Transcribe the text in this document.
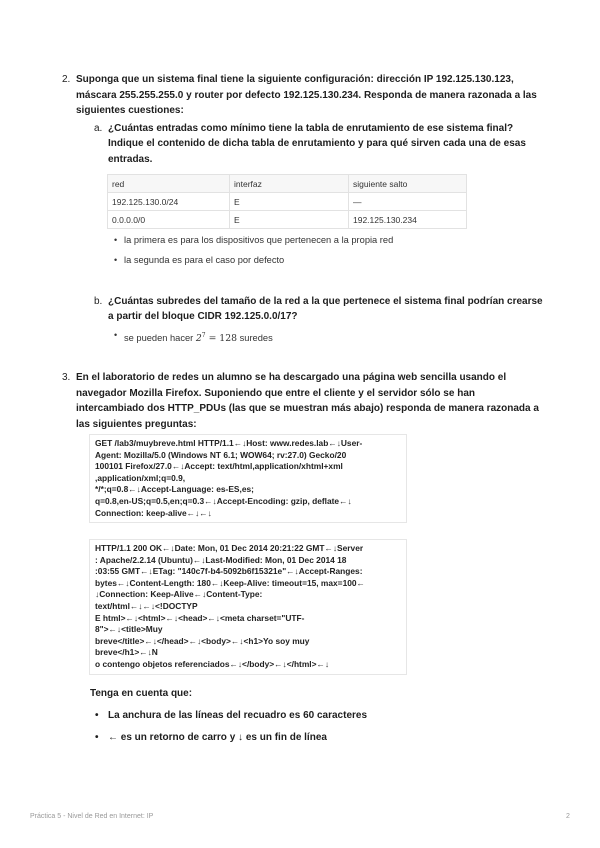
2. Suponga que un sistema final tiene la siguiente configuración: dirección IP 192.125.130.123, máscara 255.255.255.0 y router por defecto 192.125.130.234. Responda de manera razonada a las siguientes cuestiones:
a. ¿Cuántas entradas como mínimo tiene la tabla de enrutamiento de ese sistema final? Indique el contenido de dicha tabla de enrutamiento y para qué sirven cada una de esas entradas.
red	interfaz	siguiente salto
192.125.130.0/24	E	—
0.0.0.0/0	E	192.125.130.234
• la primera es para los dispositivos que pertenecen a la propia red
• la segunda es para el caso por defecto
b. ¿Cuántas subredes del tamaño de la red a la que pertenece el sistema final podrían crearse a partir del bloque CIDR 192.125.0.0/17?
• se pueden hacer $2^7 = 128$ suredes
3. En el laboratorio de redes un alumno se ha descargado una página web sencilla usando el navegador Mozilla Firefox. Suponiendo que entre el cliente y el servidor sólo se han intercambiado dos HTTP_PDUs (las que se muestran más abajo) responda de manera razonada a las siguientes preguntas:
GET /lab3/muybreve.html HTTP/1.1←↓Host: www.redes.lab←↓User-
Agent: Mozilla/5.0 (Windows NT 6.1; WOW64; rv:27.0) Gecko/20
100101 Firefox/27.0←↓Accept: text/html,application/xhtml+xml
,application/xml;q=0.9,
*/*;q=0.8←↓Accept-Language: es-ES,es;
q=0.8,en-US;q=0.5,en;q=0.3←↓Accept-Encoding: gzip, deflate←↓
Connection: keep-alive←↓←↓
HTTP/1.1 200 OK←↓Date: Mon, 01 Dec 2014 20:21:22 GMT←↓Server
: Apache/2.2.14 (Ubuntu)←↓Last-Modified: Mon, 01 Dec 2014 18
:03:55 GMT←↓ETag: "140c7f-b4-5092b6f15321e"←↓Accept-Ranges:
bytes←↓Content-Length: 180←↓Keep-Alive: timeout=15, max=100←
↓Connection: Keep-Alive←↓Content-Type:
text/html←↓←↓<!DOCTYP
E html>←↓<html>←↓<head>←↓<meta charset="UTF-
8">←↓<title>Muy
breve</title>←↓</head>←↓<body>←↓<h1>Yo soy muy
breve</h1>←↓N
o contengo objetos referenciados←↓</body>←↓</html>←↓
Tenga en cuenta que:
• La anchura de las líneas del recuadro es 60 caracteres
• ← es un retorno de carro y ↓ es un fin de línea
Práctica 5 - Nivel de Red en Internet: IP	2
